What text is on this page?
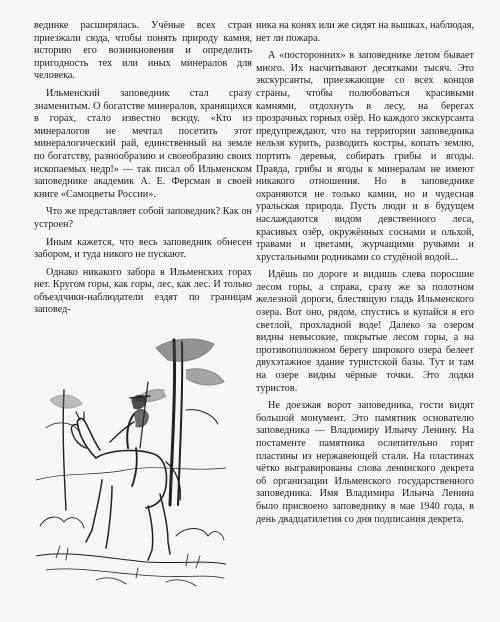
вединке расширялась. Учёные всех стран приезжали сюда, чтобы понять природу камня, историю его возникновения и определить пригодность тех или иных минералов для человека.

Ильменский заповедник стал сразу знаменитым. О богатстве минералов, хранящихся в горах, стало известно всюду. «Кто из минералогов не мечтал посетить этот минералогический рай, единственный на земле по богатству, разнообразию и своеобразию своих ископаемых недр!» — так писал об Ильменском заповеднике академик А. Е. Ферсман в своей книге «Самоцветы России».

Что же представляет собой заповедник? Как он устроен?

Иным кажется, что весь заповедник обнесен забором, и туда никого не пускают.

Однако никакого забора в Ильменских горах нет. Кругом горы, как горы, лес, как лес. И только объездчики-наблюдатели ездят по границам заповед-

ника на конях или же сидят на вышках, наблюдая, нет ли пожара.

А «посторонних» в заповеднике летом бывает много. Их насчитывают десятками тысяч. Это экскурсанты, приезжающие со всех концов страны, чтобы полюбоваться красивыми камнями, отдохнуть в лесу, на берегах прозрачных горных озёр. Но каждого экскурсанта предупреждают, что на территории заповедника нельзя курить, разводить костры, копать землю, портить деревья, собирать грибы и ягоды. Правда, грибы и ягоды к минералам не имеют никакого отношения. Но в заповеднике охраняются не только камни, но и чудесная уральская природа. Пусть люди и в будущем наслаждаются видом девственного леса, красивых озёр, окружённых соснами и ольхой, травами и цветами, журчащими ручьями и хрустальными родниками со студёной водой...

Идёшь по дороге и видишь слева поросшие лесом горы, а справа, сразу же за полотном железной дороги, блестящую гладь Ильменского озера. Вот оно, рядом, спустись и купайся в его светлой, прохладной воде! Далеко за озером видны невысокие, покрытые лесом горы, а на противоположном берегу широкого озера белеет двухэтажное здание туристской базы. Тут и там на озере видны чёрные точки. Это лодки туристов.

Не доезжая ворот заповедника, гости видят большой монумент. Это памятник основателю заповедника — Владимиру Ильичу Ленину. На постаменте памятника ослепительно горят пластины из нержавеющей стали. На пластинах чётко выгравированы слова ленинского декрета об организации Ильменского государственного заповедника. Имя Владимира Ильича Ленина было присвоено заповеднику в мае 1940 года, в день двадцатилетия со дня подписания декрета.
